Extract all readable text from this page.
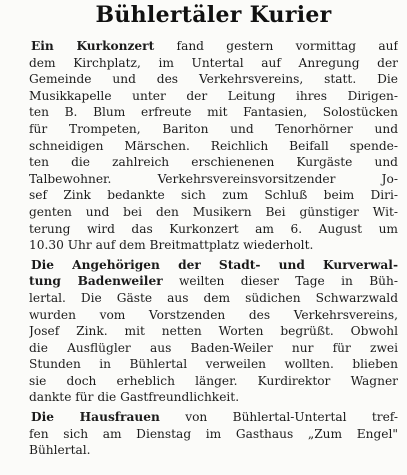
Bühlertäler Kurier
Ein Kurkonzert fand gestern vormittag auf
dem Kirchplatz, im Untertal auf Anregung der
Gemeinde und des Verkehrsvereins, statt. Die
Musikkapelle unter der Leitung ihres Dirigen-
ten B. Blum erfreute mit Fantasien, Solostücken
für Trompeten, Bariton und Tenorhörner und
schneidigen Märschen. Reichlich Beifall spende-
ten die zahlreich erschienenen Kurgäste und
Talbewohner. Verkehrsvereinsvorsitzender Jo-
sef Zink bedankte sich zum Schluß beim Diri-
genten und bei den Musikern Bei günstiger Wit-
terung wird das Kurkonzert am 6. August um
10.30 Uhr auf dem Breitmattplatz wiederholt.
Die Angehörigen der Stadt- und Kurverwal-
tung Badenweiler weilten dieser Tage in Büh-
lertal. Die Gäste aus dem südichen Schwarzwald
wurden vom Vorstzenden des Verkehrsvereins,
Josef Zink. mit netten Worten begrüßt. Obwohl
die Ausflügler aus Baden-Weiler nur für zwei
Stunden in Bühlertal verweilen wollten. blieben
sie doch erheblich länger. Kurdirektor Wagner
dankte für die Gastfreundlichkeit.
Die Hausfrauen von Bühlertal-Untertal tref-
fen sich am Dienstag im Gasthaus „Zum Engel"
Bühlertal.
